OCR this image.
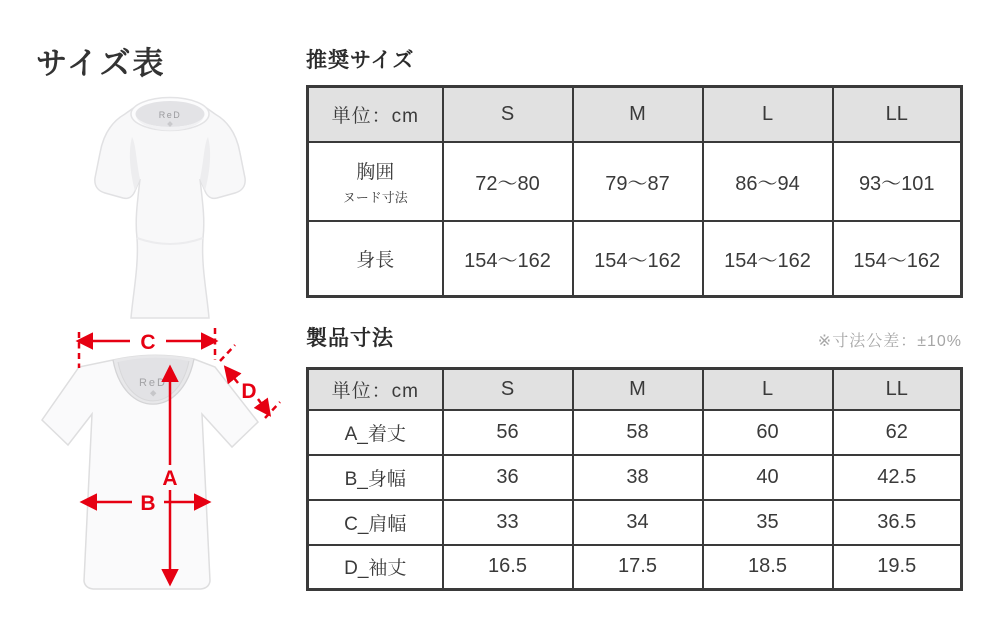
サイズ表
ReD
ReD
C
D
A
B
推奨サイズ
単位：cm	S	M	L	LL

胸囲
ヌード寸法	72～80	79～87	86～94	93～101
身長	154～162	154～162	154～162	154～162
製品寸法	※寸法公差：±10%
単位：cm	S	M	L	LL
A_着丈	56	58	60	62
B_身幅	36	38	40	42.5
C_肩幅	33	34	35	36.5
D_袖丈	16.5	17.5	18.5	19.5
